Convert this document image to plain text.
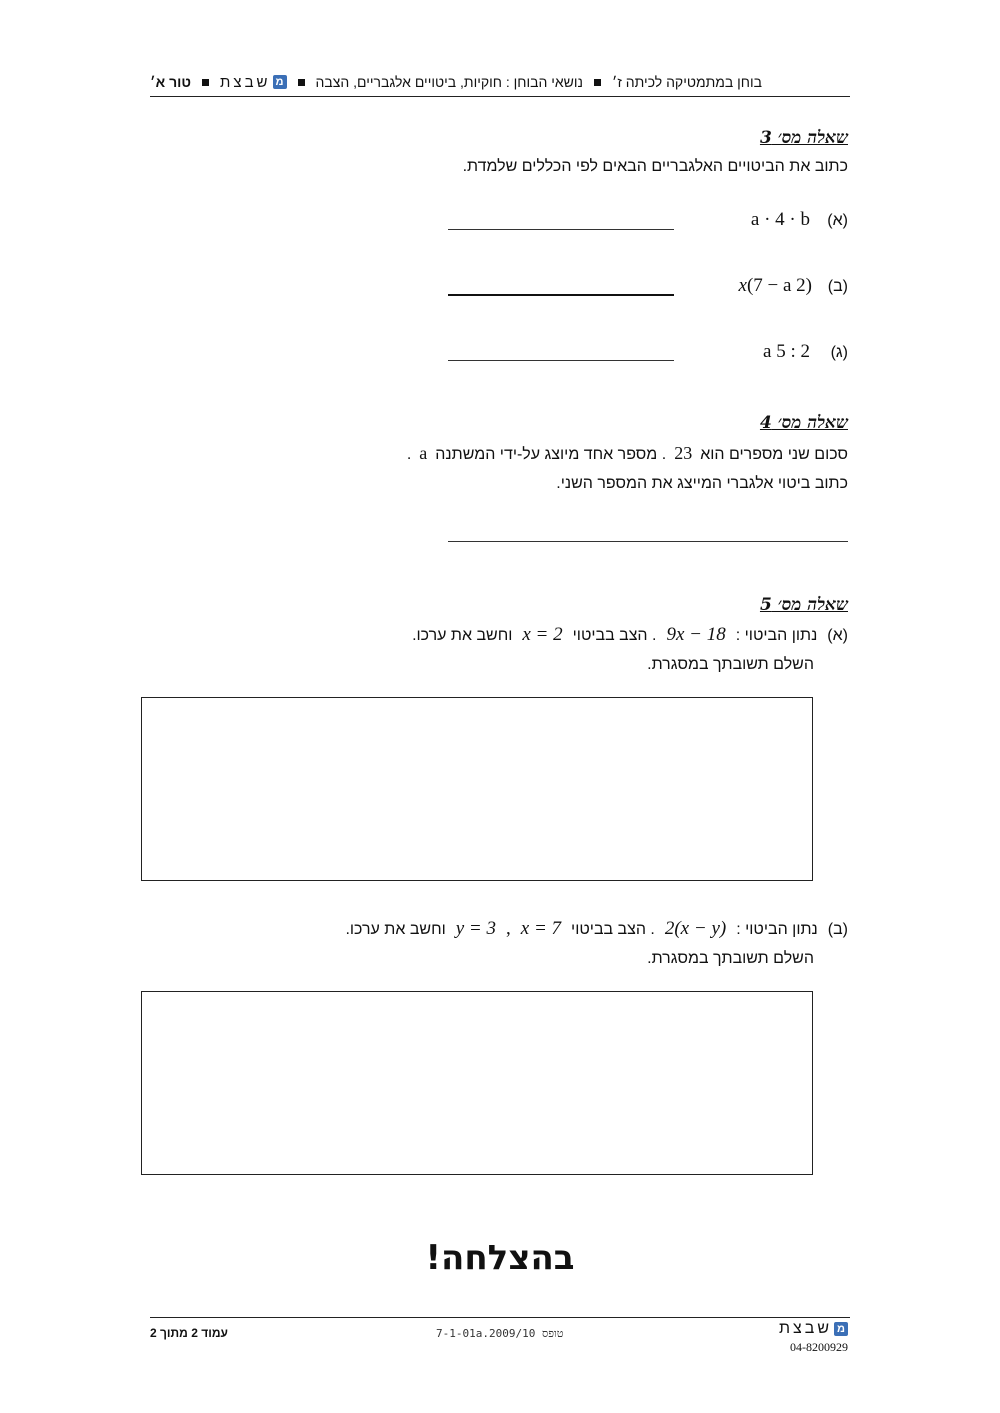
בוחן במתמטיקה לכיתה ז׳
נושאי הבוחן : חוקיות, ביטויים אלגבריים, הצבה
מ
שבצת
טור א׳
שאלה מס׳ 3
כתוב את הביטויים האלגבריים הבאים לפי הכללים שלמדת.
(א)
a · 4 · b
(ב)
x(7 − a 2)
(ג)
a 5 : 2
שאלה מס׳ 4
סכום שני מספרים הוא
23
. מספר אחד מיוצג על-ידי המשתנה
a
.
כתוב ביטוי אלגברי המייצג את המספר השני.
שאלה מס׳ 5
(א)
נתון הביטוי :
9x − 18
. הצב בביטוי
x = 2
וחשב את ערכו.
השלם תשובתך במסגרת.
(ב)
נתון הביטוי :
2(x − y)
. הצב בביטוי
x = 7
,
y = 3
וחשב את ערכו.
השלם תשובתך במסגרת.
בהצלחה!
עמוד 2 מתוך 2	טופס 7-1-01a.2009/10	מ
שבצת
04-8200929
